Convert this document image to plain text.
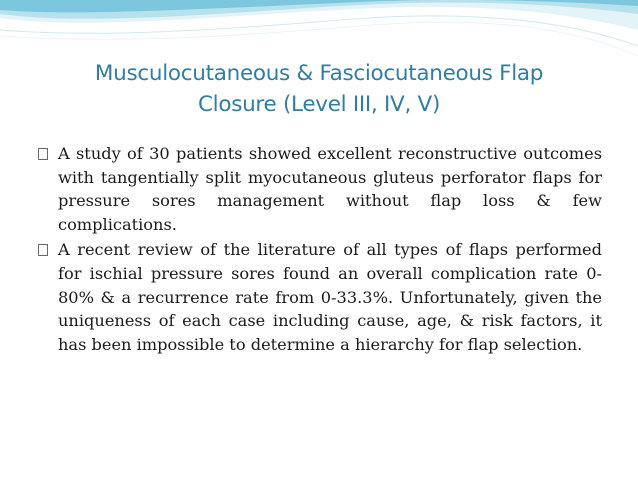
Musculocutaneous & Fasciocutaneous Flap
Closure (Level III, IV, V)
A study of 30 patients showed excellent reconstructive outcomes with tangentially split myocutaneous gluteus perforator flaps for pressure sores management without flap loss & few complications.
A recent review of the literature of all types of flaps performed for ischial pressure sores found an overall complication rate 0-80% & a recurrence rate from 0-33.3%. Unfortunately, given the uniqueness of each case including cause, age, & risk factors, it has been impossible to determine a hierarchy for flap selection.
